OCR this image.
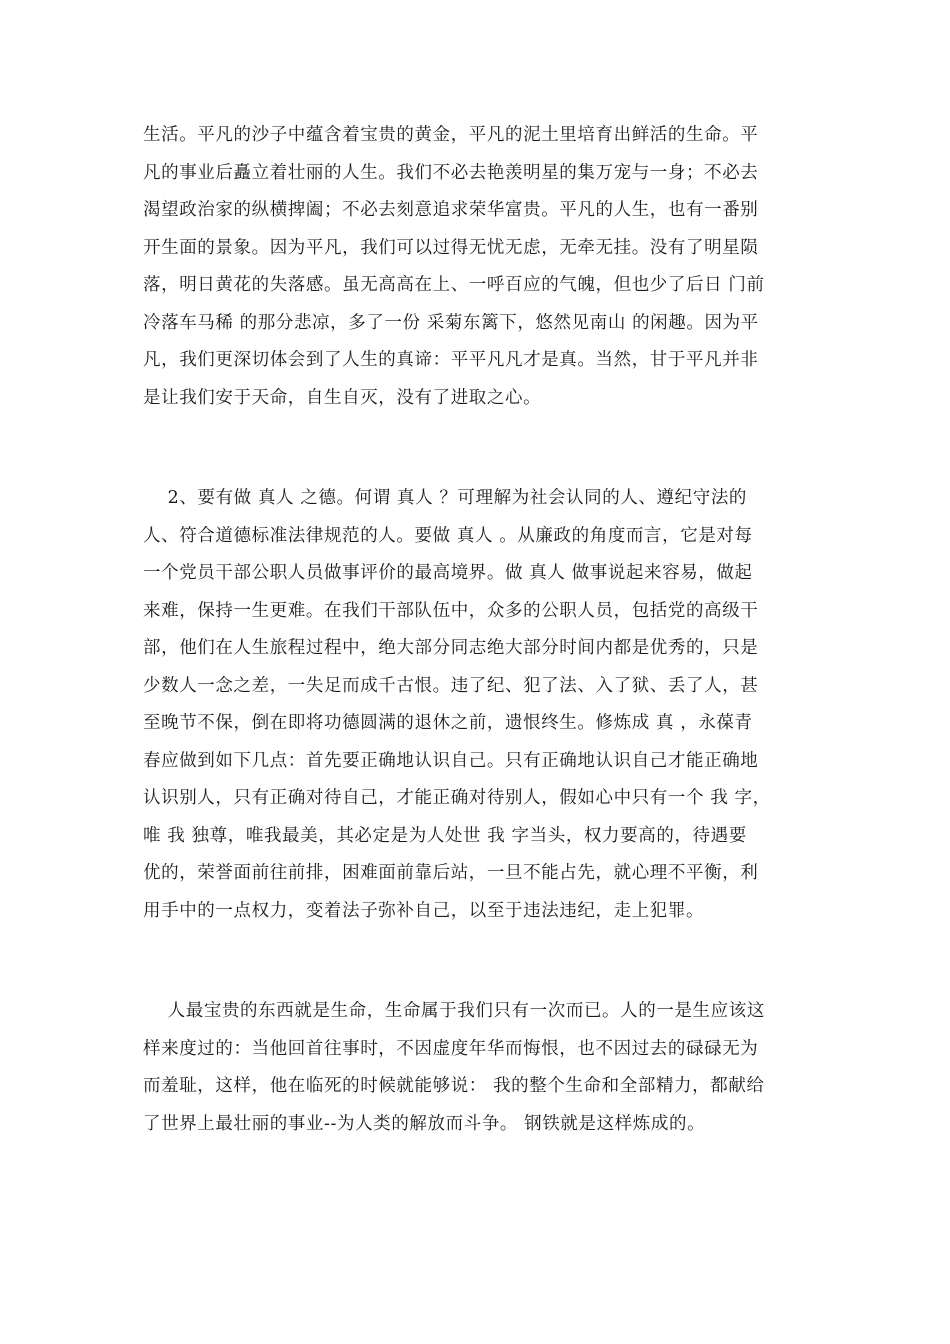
生活。平凡的沙子中蕴含着宝贵的黄金，平凡的泥土里培育出鲜活的生命。平
凡的事业后矗立着壮丽的人生。我们不必去艳羡明星的集万宠与一身；不必去
渴望政治家的纵横捭阖；不必去刻意追求荣华富贵。平凡的人生，也有一番别
开生面的景象。因为平凡，我们可以过得无忧无虑，无牵无挂。没有了明星陨
落，明日黄花的失落感。虽无高高在上、一呼百应的气魄，但也少了后日 门前
冷落车马稀 的那分悲凉，多了一份 采菊东篱下，悠然见南山 的闲趣。因为平
凡，我们更深切体会到了人生的真谛：平平凡凡才是真。当然，甘于平凡并非
是让我们安于天命，自生自灭，没有了进取之心。
2、要有做 真人 之德。何谓 真人 ？可理解为社会认同的人、遵纪守法的
人、符合道德标准法律规范的人。要做 真人 。从廉政的角度而言，它是对每
一个党员干部公职人员做事评价的最高境界。做 真人 做事说起来容易，做起
来难，保持一生更难。在我们干部队伍中，众多的公职人员，包括党的高级干
部，他们在人生旅程过程中，绝大部分同志绝大部分时间内都是优秀的，只是
少数人一念之差，一失足而成千古恨。违了纪、犯了法、入了狱、丢了人，甚
至晚节不保，倒在即将功德圆满的退休之前，遗恨终生。修炼成 真 ，永葆青
春应做到如下几点：首先要正确地认识自己。只有正确地认识自己才能正确地
认识别人，只有正确对待自己，才能正确对待别人，假如心中只有一个 我 字，
唯 我 独尊，唯我最美，其必定是为人处世 我 字当头，权力要高的，待遇要
优的，荣誉面前往前排，困难面前靠后站，一旦不能占先，就心理不平衡，利
用手中的一点权力，变着法子弥补自己，以至于违法违纪，走上犯罪。
人最宝贵的东西就是生命，生命属于我们只有一次而已。人的一是生应该这
样来度过的：当他回首往事时，不因虚度年华而悔恨，也不因过去的碌碌无为
而羞耻，这样，他在临死的时候就能够说： 我的整个生命和全部精力，都献给
了世界上最壮丽的事业--为人类的解放而斗争。 钢铁就是这样炼成的。
